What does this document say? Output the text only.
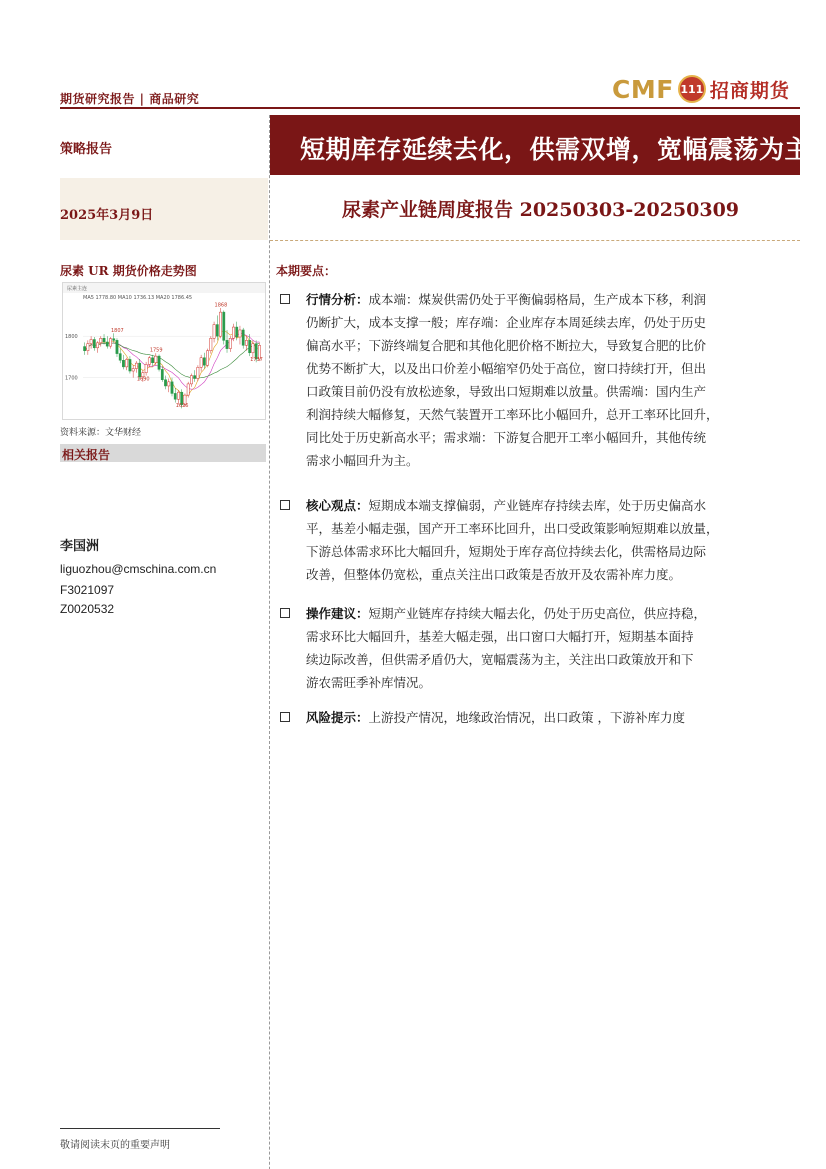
期货研究报告 | 商品研究	CMF 111 招商期货
策略报告
2025年3月9日
短期库存延续去化，供需双增，宽幅震荡为主
尿素产业链周度报告 20250303-20250309
尿素 UR 期货价格走势图
尿素主连
MA5 1778.80 MA10 1736.13 MA20 1786.45
1800
1700
1807
1690
1759
1626
1868
1737
资料来源：文华财经
相关报告
李国洲
liguozhou@cmschina.com.cn
F3021097
Z0020532
本期要点：
行情分析：成本端：煤炭供需仍处于平衡偏弱格局，生产成本下移，利润
仍断扩大，成本支撑一般；库存端：企业库存本周延续去库，仍处于历史
偏高水平；下游终端复合肥和其他化肥价格不断拉大，导致复合肥的比价
优势不断扩大，以及出口价差小幅缩窄仍处于高位，窗口持续打开，但出
口政策目前仍没有放松迹象，导致出口短期难以放量。供需端：国内生产
利润持续大幅修复，天然气装置开工率环比小幅回升，总开工率环比回升，
同比处于历史新高水平；需求端：下游复合肥开工率小幅回升，其他传统
需求小幅回升为主。
核心观点：短期成本端支撑偏弱，产业链库存持续去库，处于历史偏高水
平，基差小幅走强，国产开工率环比回升，出口受政策影响短期难以放量，
下游总体需求环比大幅回升，短期处于库存高位持续去化，供需格局边际
改善，但整体仍宽松，重点关注出口政策是否放开及农需补库力度。
操作建议：短期产业链库存持续大幅去化，仍处于历史高位，供应持稳，
需求环比大幅回升，基差大幅走强，出口窗口大幅打开，短期基本面持
续边际改善，但供需矛盾仍大，宽幅震荡为主，关注出口政策放开和下
游农需旺季补库情况。
风险提示：上游投产情况，地缘政治情况，出口政策 ，下游补库力度
敬请阅读末页的重要声明
